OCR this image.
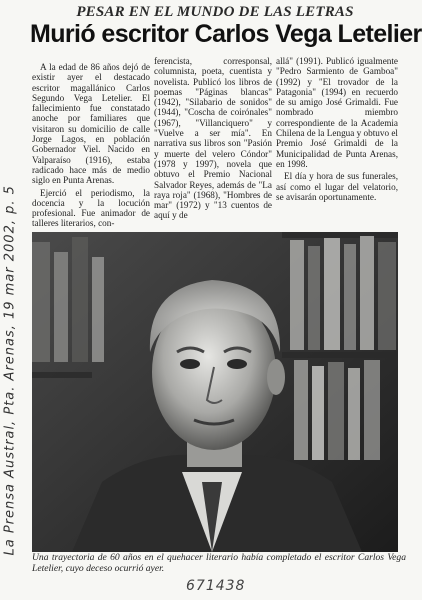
PESAR EN EL MUNDO DE LAS LETRAS
Murió escritor Carlos Vega Letelier

A la edad de 86 años dejó de existir ayer el destacado escritor magallánico Carlos Segundo Vega Letelier. El fallecimiento fue constatado anoche por familiares que visitaron su domicilio de calle Jorge Lagos, en población Gobernador Viel. Nacido en Valparaíso (1916), estaba radicado hace más de medio siglo en Punta Arenas.

Ejerció el periodismo, la docencia y la locución profesional. Fue animador de talleres literarios, con-

ferencista, corresponsal, columnista, poeta, cuentista y novelista. Publicó los libros de poemas "Páginas blancas" (1942), "Silabario de sonidos" (1944), "Coscha de coirónales" (1967), "Villanciquero" y "Vuelve a ser mía". En narrativa sus libros son "Pasión y muerte del velero Cóndor" (1978 y 1997), novela que obtuvo el Premio Nacional Salvador Reyes, además de "La raya roja" (1968), "Hombres de mar" (1972) y "13 cuentos de aquí y de

allá" (1991). Publicó igualmente "Pedro Sarmiento de Gamboa" (1992) y "El trovador de la Patagonia" (1994) en recuerdo de su amigo José Grimaldi. Fue nombrado miembro correspondiente de la Academia Chilena de la Lengua y obtuvo el Premio José Grimaldi de la Municipalidad de Punta Arenas, en 1998.

El día y hora de sus funerales, así como el lugar del velatorio, se avisarán oportunamente.

Una trayectoria de 60 años en el quehacer literario había completado el escritor Carlos Vega Letelier, cuyo deceso ocurrió ayer.
La Prensa Austral, Pta. Arenas, 19 mar 2002, p. 5
671438
